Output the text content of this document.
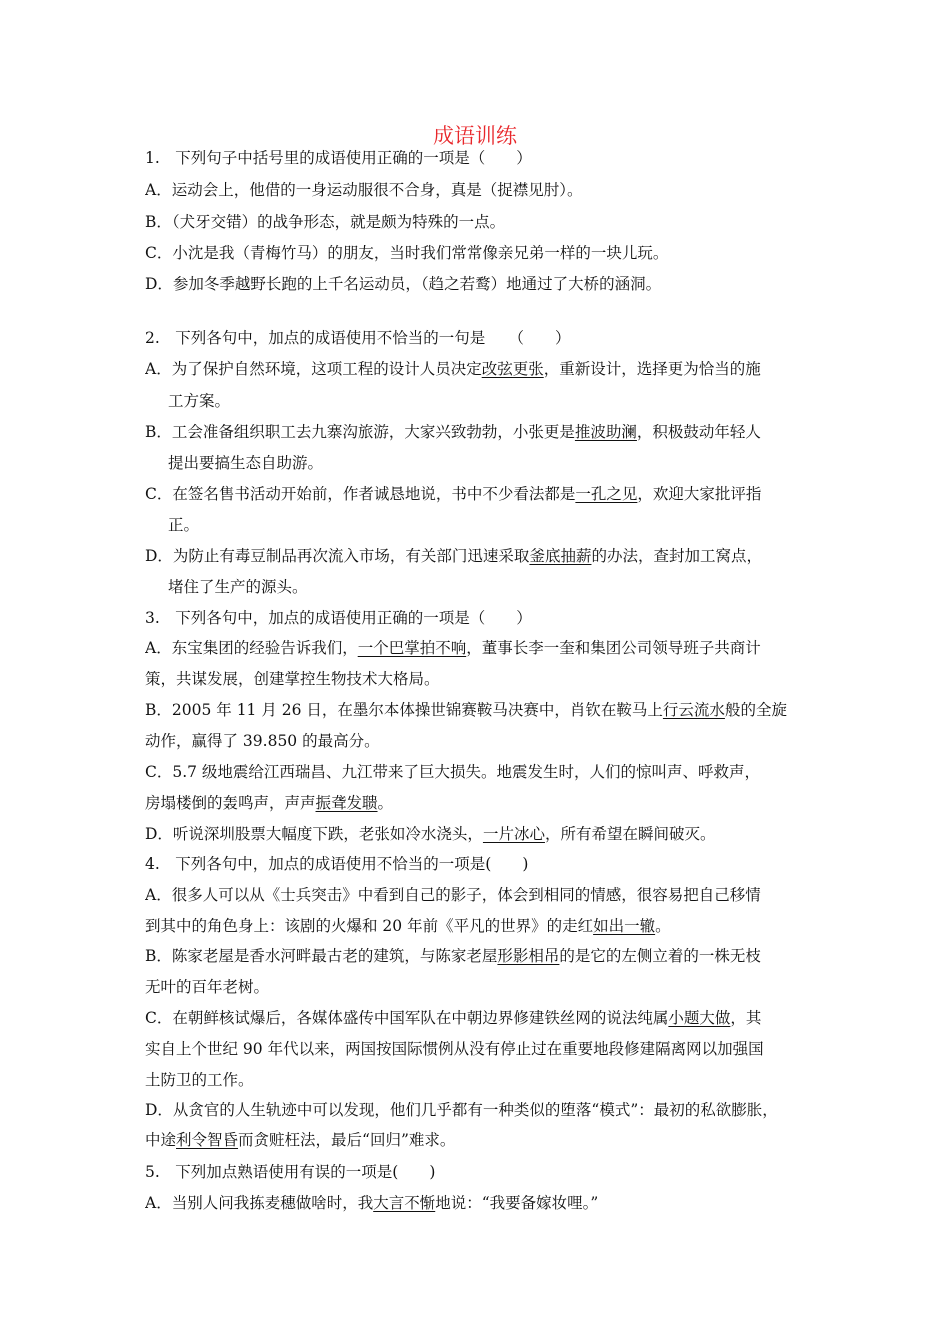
成语训练
1.　下列句子中括号里的成语使用正确的一项是（　　）
A．运动会上，他借的一身运动服很不合身，真是（捉襟见肘）。
B．（犬牙交错）的战争形态，就是颇为特殊的一点。
C．小沈是我（青梅竹马）的朋友，当时我们常常像亲兄弟一样的一块儿玩。
D．参加冬季越野长跑的上千名运动员，（趋之若鹜）地通过了大桥的涵洞。
2.　下列各句中，加点的成语使用不恰当的一句是　　（　　）
A．为了保护自然环境，这项工程的设计人员决定改弦更张，重新设计，选择更为恰当的施
工方案。
B．工会准备组织职工去九寨沟旅游，大家兴致勃勃，小张更是推波助澜，积极鼓动年轻人
提出要搞生态自助游。
C．在签名售书活动开始前，作者诚恳地说，书中不少看法都是一孔之见，欢迎大家批评指
正。
D．为防止有毒豆制品再次流入市场，有关部门迅速采取釜底抽薪的办法，查封加工窝点，
堵住了生产的源头。
3.　下列各句中，加点的成语使用正确的一项是（　　）
A．东宝集团的经验告诉我们，一个巴掌拍不响，董事长李一奎和集团公司领导班子共商计
策，共谋发展，创建掌控生物技术大格局。
B．2005 年 11 月 26 日，在墨尔本体操世锦赛鞍马决赛中，肖钦在鞍马上行云流水般的全旋
动作，赢得了 39.850 的最高分。
C．5.7 级地震给江西瑞昌、九江带来了巨大损失。地震发生时，人们的惊叫声、呼救声，
房塌楼倒的轰鸣声，声声振聋发聩。
D．听说深圳股票大幅度下跌，老张如冷水浇头，一片冰心，所有希望在瞬间破灭。
4.　下列各句中，加点的成语使用不恰当的一项是(　　)
A．很多人可以从《士兵突击》中看到自己的影子，体会到相同的情感，很容易把自己移情
到其中的角色身上：该剧的火爆和 20 年前《平凡的世界》的走红如出一辙。
B．陈家老屋是香水河畔最古老的建筑，与陈家老屋形影相吊的是它的左侧立着的一株无枝
无叶的百年老树。
C．在朝鲜核试爆后，各媒体盛传中国军队在中朝边界修建铁丝网的说法纯属小题大做，其
实自上个世纪 90 年代以来，两国按国际惯例从没有停止过在重要地段修建隔离网以加强国
土防卫的工作。
D．从贪官的人生轨迹中可以发现，他们几乎都有一种类似的堕落“模式”：最初的私欲膨胀，
中途利令智昏而贪赃枉法，最后“回归”难求。
5.　下列加点熟语使用有误的一项是(　　)
A．当别人问我拣麦穗做啥时，我大言不惭地说：“我要备嫁妆哩。”
